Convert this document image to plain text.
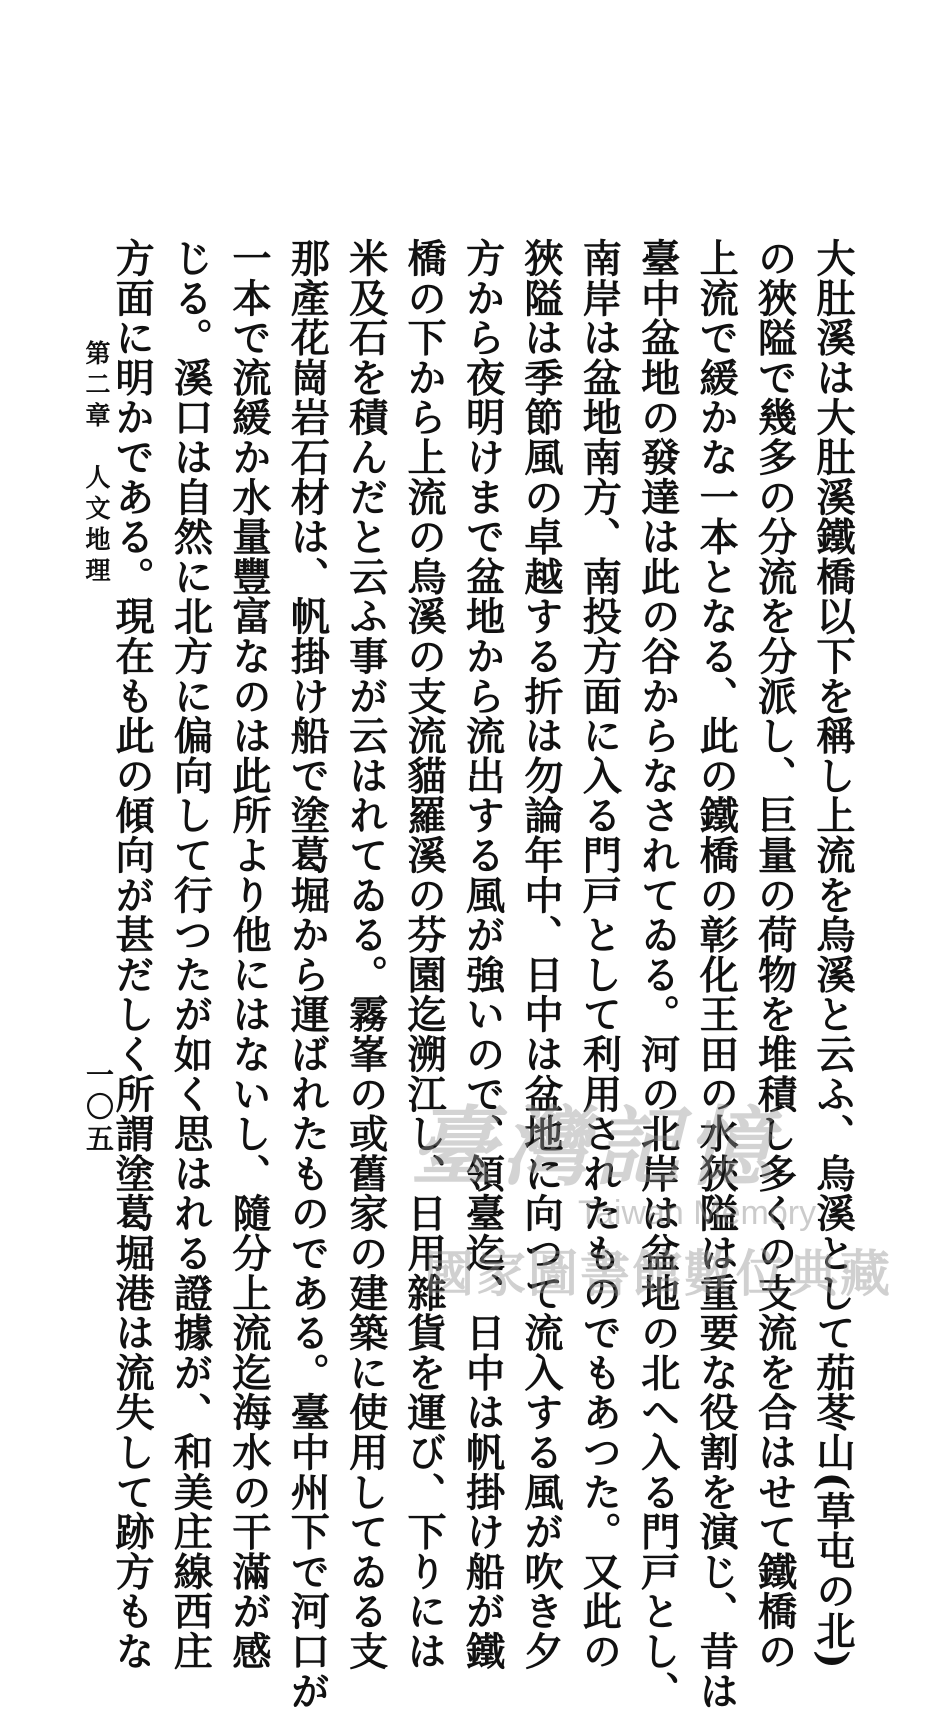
大肚溪は大肚溪鐵橋以下を稱し上流を烏溪と云ふ、烏溪として茄苳山(草屯の北)
の狹隘で幾多の分流を分派し、巨量の荷物を堆積し多くの支流を合はせて鐵橋の
上流で緩かな一本となる、此の鐵橋の彰化王田の水狹隘は重要な役割を演じ、昔は
臺中盆地の發達は此の谷からなされてゐる。河の北岸は盆地の北へ入る門戸とし、
南岸は盆地南方、南投方面に入る門戸として利用されたものでもあつた。又此の
狹隘は季節風の卓越する折は勿論年中、日中は盆地に向つて流入する風が吹き夕
方から夜明けまで盆地から流出する風が強いので、領臺迄、日中は帆掛け船が鐵
橋の下から上流の烏溪の支流貓羅溪の芬園迄溯江し、日用雜貨を運び、下りには
米及石を積んだと云ふ事が云はれてゐる。霧峯の或舊家の建築に使用してゐる支
那產花崗岩石材は、帆掛け船で塗葛堀から運ばれたものである。臺中州下で河口が
一本で流緩か水量豐富なのは此所より他にはないし、隨分上流迄海水の干滿が感
じる。溪口は自然に北方に偏向して行つたが如く思はれる證據が、和美庄線西庄
方面に明かである。現在も此の傾向が甚だしく所謂塗葛堀港は流失して跡方もな
第二章　人文地理
一〇五	臺灣記憶
Taiwan Memory
國家圖書館數位典藏
